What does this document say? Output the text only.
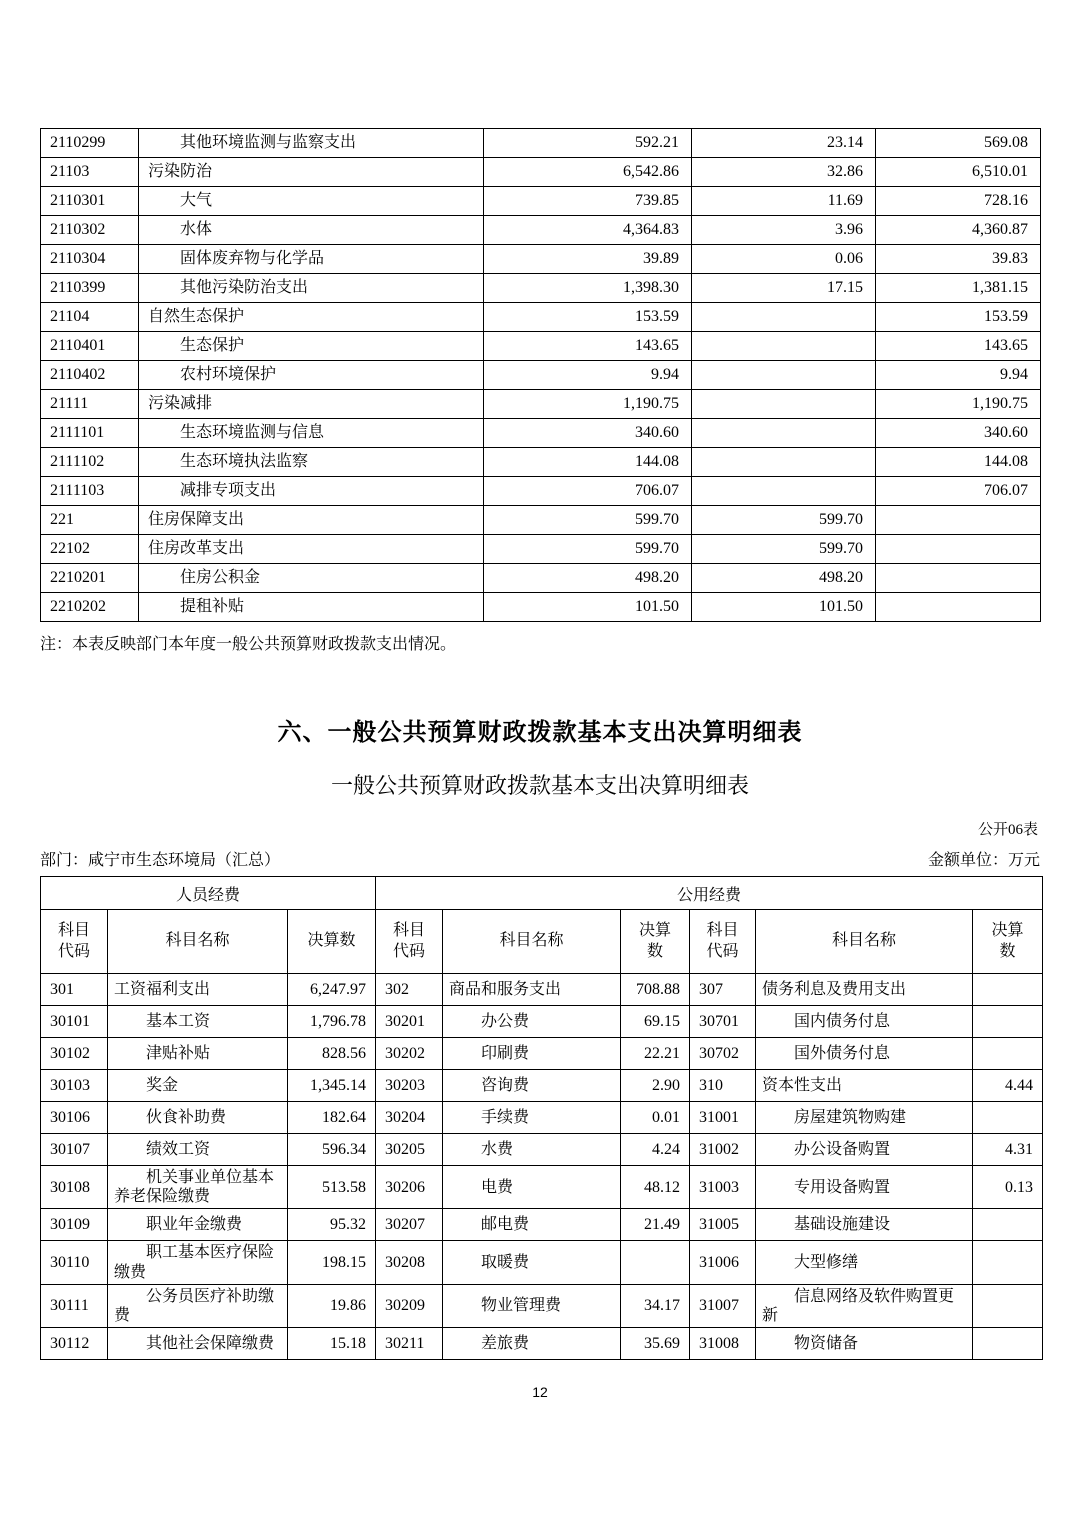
2110299	其他环境监测与监察支出	592.21	23.14	569.08
21103	污染防治	6,542.86	32.86	6,510.01
2110301	大气	739.85	11.69	728.16
2110302	水体	4,364.83	3.96	4,360.87
2110304	固体废弃物与化学品	39.89	0.06	39.83
2110399	其他污染防治支出	1,398.30	17.15	1,381.15
21104	自然生态保护	153.59		153.59
2110401	生态保护	143.65		143.65
2110402	农村环境保护	9.94		9.94
21111	污染减排	1,190.75		1,190.75
2111101	生态环境监测与信息	340.60		340.60
2111102	生态环境执法监察	144.08		144.08
2111103	减排专项支出	706.07		706.07
221	住房保障支出	599.70	599.70	
22102	住房改革支出	599.70	599.70	
2210201	住房公积金	498.20	498.20	
2210202	提租补贴	101.50	101.50	
注：本表反映部门本年度一般公共预算财政拨款支出情况。
六、一般公共预算财政拨款基本支出决算明细表
一般公共预算财政拨款基本支出决算明细表
公开06表
部门：咸宁市生态环境局（汇总）	金额单位：万元
人员经费			公用经费					
科目代码	科目名称	决算数	科目代码	科目名称	决算数	科目代码	科目名称	决算数
301	工资福利支出	6,247.97	302	商品和服务支出	708.88	307	债务利息及费用支出	
30101	基本工资	1,796.78	30201	办公费	69.15	30701	国内债务付息	
30102	津贴补贴	828.56	30202	印刷费	22.21	30702	国外债务付息	
30103	奖金	1,345.14	30203	咨询费	2.90	310	资本性支出	4.44
30106	伙食补助费	182.64	30204	手续费	0.01	31001	房屋建筑物购建	
30107	绩效工资	596.34	30205	水费	4.24	31002	办公设备购置	4.31
30108	机关事业单位基本养老保险缴费	513.58	30206	电费	48.12	31003	专用设备购置	0.13
30109	职业年金缴费	95.32	30207	邮电费	21.49	31005	基础设施建设	
30110	职工基本医疗保险缴费	198.15	30208	取暖费		31006	大型修缮	
30111	公务员医疗补助缴费	19.86	30209	物业管理费	34.17	31007	信息网络及软件购置更新	
30112	其他社会保障缴费	15.18	30211	差旅费	35.69	31008	物资储备	
12
